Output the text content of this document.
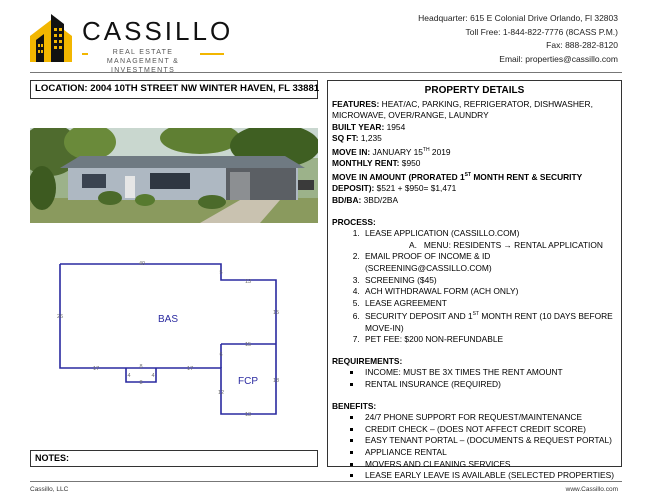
CASSILLO
REAL ESTATE MANAGEMENT & INVESTMENTS
Headquarter: 615 E Colonial Drive Orlando, Fl 32803
Toll Free: 1-844-822-7776 (8CASS P.M.)
Fax: 888-282-8120
Email: properties@cassillo.com
LOCATION: 2004 10TH STREET NW WINTER HAVEN, FL 33881
40
5
13
15
26
17	8	17
4	4
8
15
18
12
13
6
BAS
FCP
NOTES:
PROPERTY DETAILS
FEATURES: HEAT/AC, PARKING, REFRIGERATOR, DISHWASHER, MICROWAVE, OVER/RANGE, LAUNDRY
BUILT YEAR: 1954
SQ FT: 1,235
MOVE IN: JANUARY 15TH 2019
MONTHLY RENT: $950
MOVE IN AMOUNT (PRORATED 1ST MONTH RENT & SECURITY DEPOSIT): $521 + $950= $1,471
BD/BA: 3BD/2BA
PROCESS:
1. LEASE APPLICATION (CASSILLO.COM)
A. MENU: RESIDENTS → RENTAL APPLICATION
2. EMAIL PROOF OF INCOME & ID (SCREENING@CASSILLO.COM)
3. SCREENING ($45)
4. ACH WITHDRAWAL FORM (ACH ONLY)
5. LEASE AGREEMENT
6. SECURITY DEPOSIT AND 1ST MONTH RENT (10 DAYS BEFORE MOVE-IN)
7. PET FEE: $200 NON-REFUNDABLE
REQUIREMENTS:
▪ INCOME: MUST BE 3X TIMES THE RENT AMOUNT
▪ RENTAL INSURANCE (REQUIRED)
BENEFITS:
▪ 24/7 PHONE SUPPORT FOR REQUEST/MAINTENANCE
▪ CREDIT CHECK – (DOES NOT AFFECT CREDIT SCORE)
▪ EASY TENANT PORTAL – (DOCUMENTS & REQUEST PORTAL)
▪ APPLIANCE RENTAL
▪ MOVERS AND CLEANING SERVICES
▪ LEASE EARLY LEAVE IS AVAILABLE (SELECTED PROPERTIES)
Cassillo, LLC	www.Cassillo.com
